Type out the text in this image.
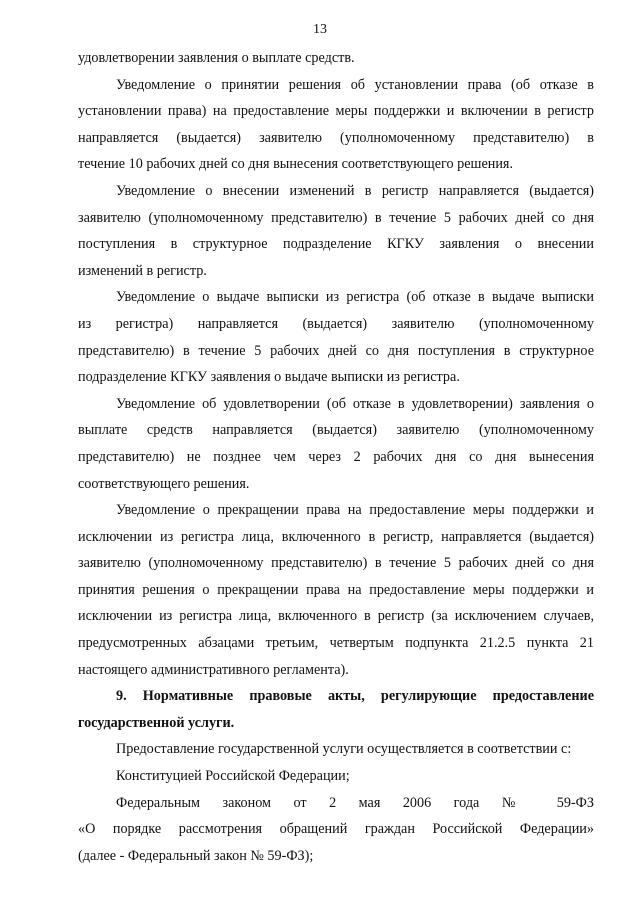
13
удовлетворении заявления о выплате средств.
Уведомление о принятии решения об установлении права (об отказе в
установлении права) на предоставление меры поддержки и включении в регистр
направляется (выдается) заявителю (уполномоченному представителю) в
течение 10 рабочих дней со дня вынесения соответствующего решения.
Уведомление о внесении изменений в регистр направляется (выдается)
заявителю (уполномоченному представителю) в течение 5 рабочих дней со дня
поступления в структурное подразделение КГКУ заявления о внесении
изменений в регистр.
Уведомление о выдаче выписки из регистра (об отказе в выдаче выписки
из регистра) направляется (выдается) заявителю (уполномоченному
представителю) в течение 5 рабочих дней со дня поступления в структурное
подразделение КГКУ заявления о выдаче выписки из регистра.
Уведомление об удовлетворении (об отказе в удовлетворении) заявления о
выплате средств направляется (выдается) заявителю (уполномоченному
представителю) не позднее чем через 2 рабочих дня со дня вынесения
соответствующего решения.
Уведомление о прекращении права на предоставление меры поддержки и
исключении из регистра лица, включенного в регистр, направляется (выдается)
заявителю (уполномоченному представителю) в течение 5 рабочих дней со дня
принятия решения о прекращении права на предоставление меры поддержки и
исключении из регистра лица, включенного в регистр (за исключением случаев,
предусмотренных абзацами третьим, четвертым подпункта 21.2.5 пункта 21
настоящего административного регламента).
9. Нормативные правовые акты, регулирующие предоставление
государственной услуги.
Предоставление государственной услуги осуществляется в соответствии с:
Конституцией Российской Федерации;
Федеральным законом от 2 мая 2006 года № 59-ФЗ
«О порядке рассмотрения обращений граждан Российской Федерации»
(далее - Федеральный закон № 59-ФЗ);
